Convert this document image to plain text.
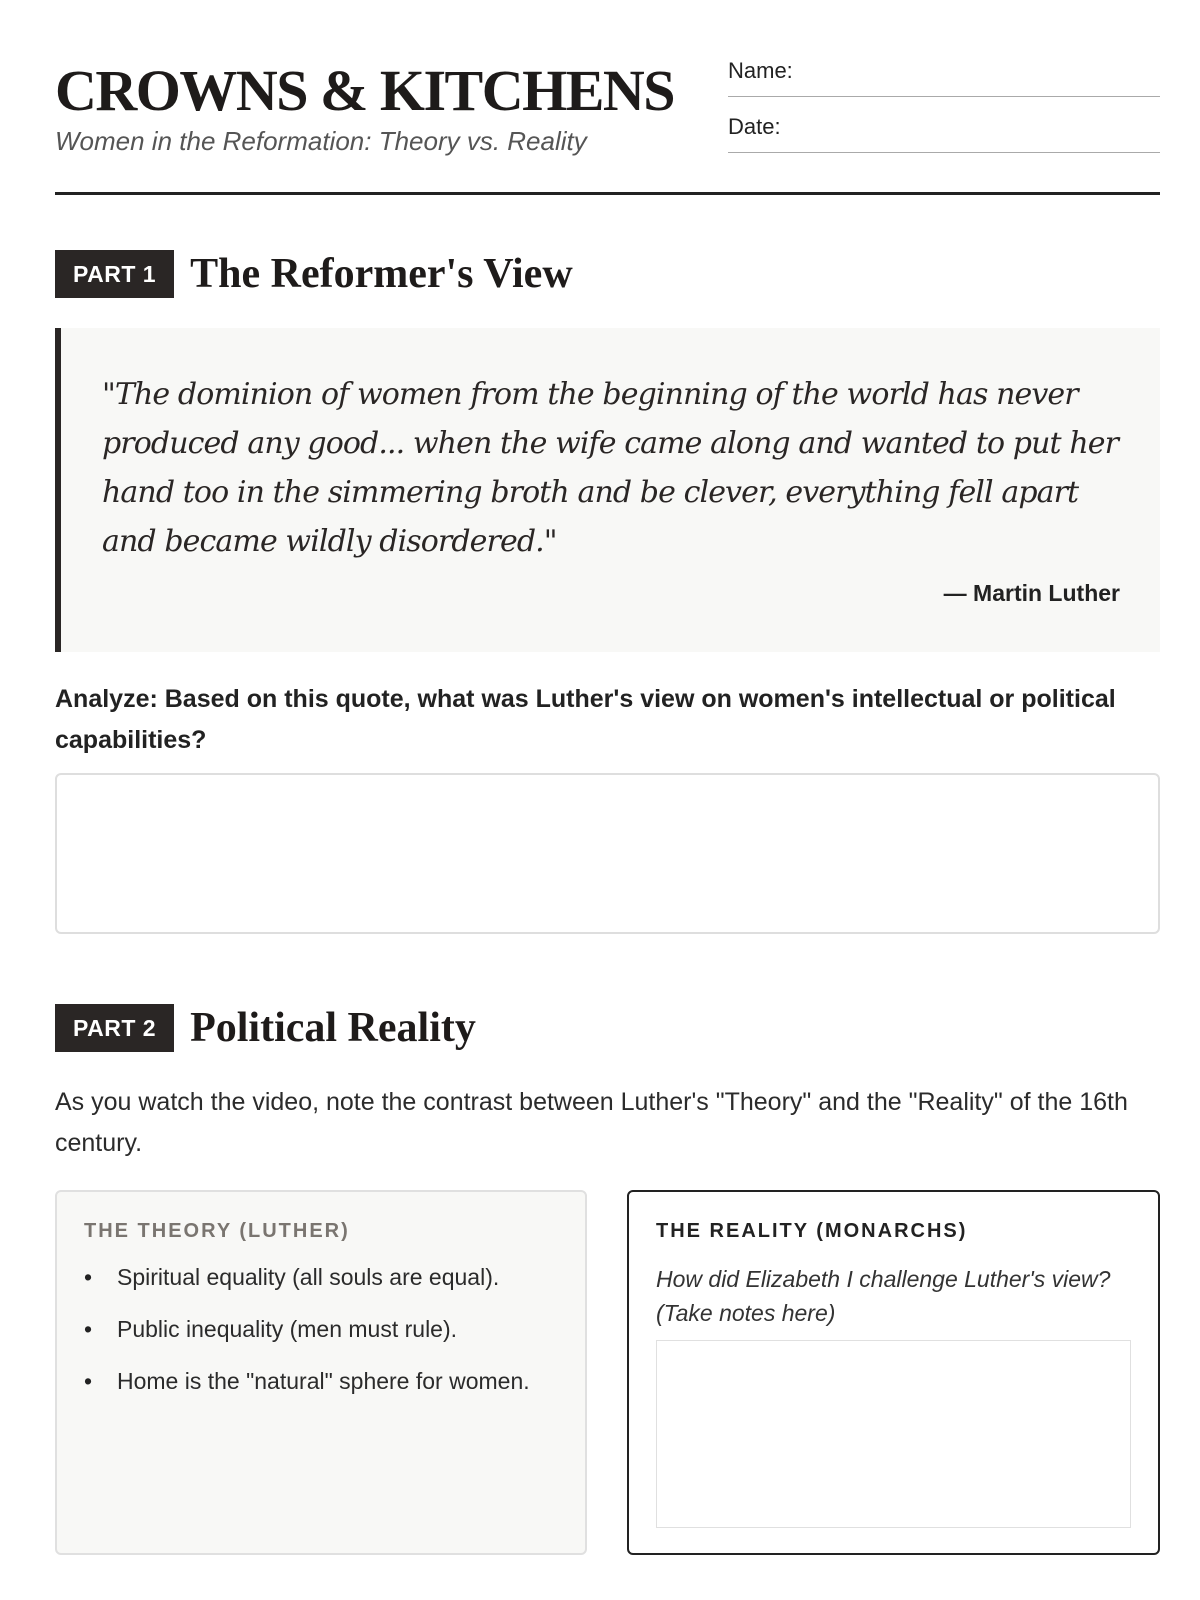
CROWNS & KITCHENS
Women in the Reformation: Theory vs. Reality
Name:
Date:
PART 1 The Reformer's View
"The dominion of women from the beginning of the world has never produced any good... when the wife came along and wanted to put her hand too in the simmering broth and be clever, everything fell apart and became wildly disordered."
— Martin Luther
Analyze: Based on this quote, what was Luther's view on women's intellectual or political capabilities?
PART 2 Political Reality
As you watch the video, note the contrast between Luther's "Theory" and the "Reality" of the 16th century.
THE THEORY (LUTHER)
• Spiritual equality (all souls are equal).
• Public inequality (men must rule).
• Home is the "natural" sphere for women.
THE REALITY (MONARCHS)
How did Elizabeth I challenge Luther's view? (Take notes here)
